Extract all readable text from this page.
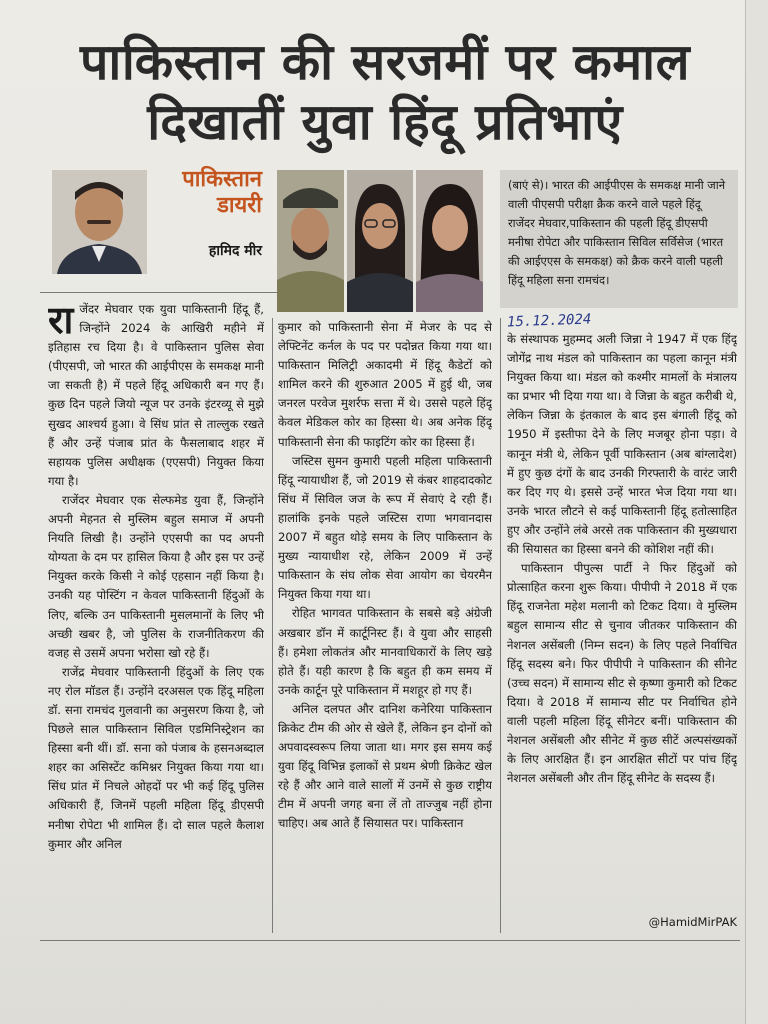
पाकिस्तान की सरजमीं पर कमाल
दिखातीं युवा हिंदू प्रतिभाएं
पाकिस्तान
डायरी
हामिद मीर
(बाएं से)। भारत की आईपीएस के समकक्ष मानी जाने वाली पीएसपी परीक्षा क्रैक करने वाले पहले हिंदू राजेंदर मेघवार,पाकिस्तान की पहली हिंदू डीएसपी मनीषा रोपेटा और पाकिस्तान सिविल सर्विसेज (भारत की आईएएस के समकक्ष) को क्रैक करने वाली पहली हिंदू महिला सना रामचंद।

रा जेंदर मेघवार एक युवा पाकिस्तानी हिंदू हैं, जिन्होंने 2024 के आखिरी महीने में इतिहास रच दिया है। वे पाकिस्तान पुलिस सेवा (पीएसपी, जो भारत की आईपीएस के समकक्ष मानी जा सकती है) में पहले हिंदू अधिकारी बन गए हैं। कुछ दिन पहले जियो न्यूज पर उनके इंटरव्यू से मुझे सुखद आश्चर्य हुआ। वे सिंध प्रांत से ताल्लुक रखते हैं और उन्हें पंजाब प्रांत के फैसलाबाद शहर में सहायक पुलिस अधीक्षक (एएसपी) नियुक्त किया गया है।

राजेंदर मेघवार एक सेल्फमेड युवा हैं, जिन्होंने अपनी मेहनत से मुस्लिम बहुल समाज में अपनी नियति लिखी है। उन्होंने एएसपी का पद अपनी योग्यता के दम पर हासिल किया है और इस पर उन्हें नियुक्त करके किसी ने कोई एहसान नहीं किया है। उनकी यह पोस्टिंग न केवल पाकिस्तानी हिंदुओं के लिए, बल्कि उन पाकिस्तानी मुसलमानों के लिए भी अच्छी खबर है, जो पुलिस के राजनीतिकरण की वजह से उसमें अपना भरोसा खो रहे हैं।

राजेंद्र मेघवार पाकिस्तानी हिंदुओं के लिए एक नए रोल मॉडल हैं। उन्होंने दरअसल एक हिंदू महिला डॉ. सना रामचंद गुलवानी का अनुसरण किया है, जो पिछले साल पाकिस्तान सिविल एडमिनिस्ट्रेशन का हिस्सा बनी थीं। डॉ. सना को पंजाब के हसनअब्दाल शहर का असिस्टेंट कमिश्नर नियुक्त किया गया था। सिंध प्रांत में निचले ओहदों पर भी कई हिंदू पुलिस अधिकारी हैं, जिनमें पहली महिला हिंदू डीएसपी मनीषा रोपेटा भी शामिल हैं। दो साल पहले कैलाश कुमार और अनिल

कुमार को पाकिस्तानी सेना में मेजर के पद से लेफ्टिनेंट कर्नल के पद पर पदोन्नत किया गया था। पाकिस्तान मिलिट्री अकादमी में हिंदू कैडेटों को शामिल करने की शुरुआत 2005 में हुई थी, जब जनरल परवेज मुशर्रफ सत्ता में थे। उससे पहले हिंदू केवल मेडिकल कोर का हिस्सा थे। अब अनेक हिंदू पाकिस्तानी सेना की फाइटिंग कोर का हिस्सा हैं।

जस्टिस सुमन कुमारी पहली महिला पाकिस्तानी हिंदू न्यायाधीश हैं, जो 2019 से कंबर शाहदादकोट सिंध में सिविल जज के रूप में सेवाएं दे रही हैं। हालांकि इनके पहले जस्टिस राणा भगवानदास 2007 में बहुत थोड़े समय के लिए पाकिस्तान के मुख्य न्यायाधीश रहे, लेकिन 2009 में उन्हें पाकिस्तान के संघ लोक सेवा आयोग का चेयरमैन नियुक्त किया गया था।

रोहित भागवत पाकिस्तान के सबसे बड़े अंग्रेजी अखबार डॉन में कार्टूनिस्ट हैं। वे युवा और साहसी हैं। हमेशा लोकतंत्र और मानवाधिकारों के लिए खड़े होते हैं। यही कारण है कि बहुत ही कम समय में उनके कार्टून पूरे पाकिस्तान में मशहूर हो गए हैं।

अनिल दलपत और दानिश कनेरिया पाकिस्तान क्रिकेट टीम की ओर से खेले हैं, लेकिन इन दोनों को अपवादस्वरूप लिया जाता था। मगर इस समय कई युवा हिंदू विभिन्न इलाकों से प्रथम श्रेणी क्रिकेट खेल रहे हैं और आने वाले सालों में उनमें से कुछ राष्ट्रीय टीम में अपनी जगह बना लें तो ताज्जुब नहीं होना चाहिए। अब आते हैं सियासत पर। पाकिस्तान

15.12.2024

के संस्थापक मुहम्मद अली जिन्ना ने 1947 में एक हिंदू जोगेंद्र नाथ मंडल को पाकिस्तान का पहला कानून मंत्री नियुक्त किया था। मंडल को कश्मीर मामलों के मंत्रालय का प्रभार भी दिया गया था। वे जिन्ना के बहुत करीबी थे, लेकिन जिन्ना के इंतकाल के बाद इस बंगाली हिंदू को 1950 में इस्तीफा देने के लिए मजबूर होना पड़ा। वे कानून मंत्री थे, लेकिन पूर्वी पाकिस्तान (अब बांग्लादेश) में हुए कुछ दंगों के बाद उनकी गिरफ्तारी के वारंट जारी कर दिए गए थे। इससे उन्हें भारत भेज दिया गया था। उनके भारत लौटने से कई पाकिस्तानी हिंदू हतोत्साहित हुए और उन्होंने लंबे अरसे तक पाकिस्तान की मुख्यधारा की सियासत का हिस्सा बनने की कोशिश नहीं की।

पाकिस्तान पीपुल्स पार्टी ने फिर हिंदुओं को प्रोत्साहित करना शुरू किया। पीपीपी ने 2018 में एक हिंदू राजनेता महेश मलानी को टिकट दिया। वे मुस्लिम बहुल सामान्य सीट से चुनाव जीतकर पाकिस्तान की नेशनल असेंबली (निम्न सदन) के लिए पहले निर्वाचित हिंदू सदस्य बने। फिर पीपीपी ने पाकिस्तान की सीनेट (उच्च सदन) में सामान्य सीट से कृष्णा कुमारी को टिकट दिया। वे 2018 में सामान्य सीट पर निर्वाचित होने वाली पहली महिला हिंदू सीनेटर बनीं। पाकिस्तान की नेशनल असेंबली और सीनेट में कुछ सीटें अल्पसंख्यकों के लिए आरक्षित हैं। इन आरक्षित सीटों पर पांच हिंदू नेशनल असेंबली और तीन हिंदू सीनेट के सदस्य हैं।

@HamidMirPAK
